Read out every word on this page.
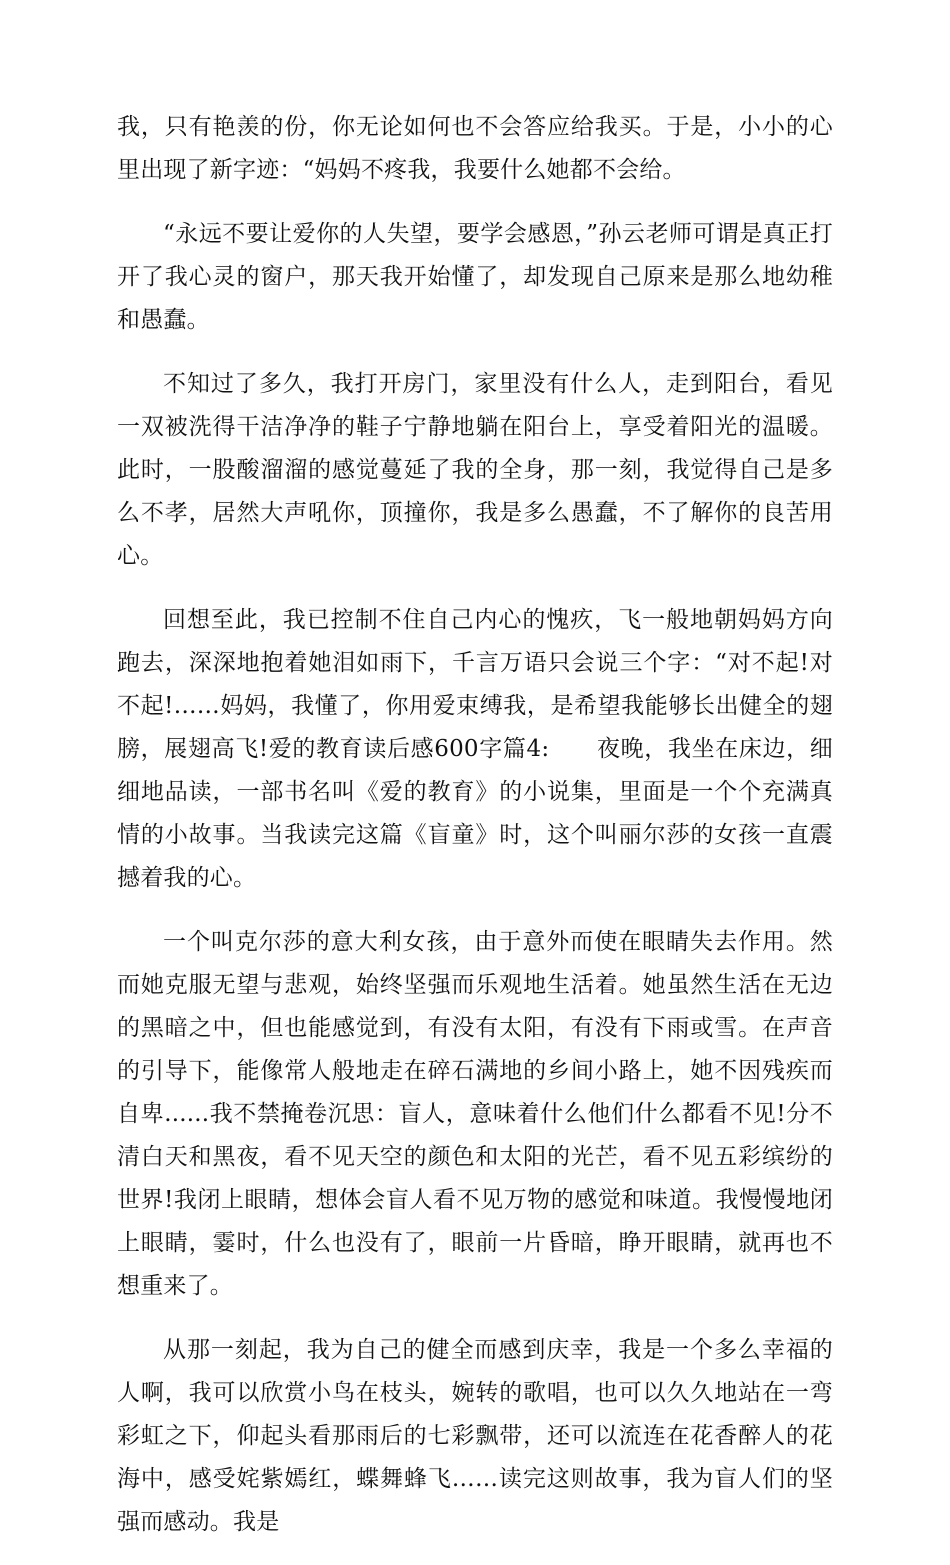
我，只有艳羡的份，你无论如何也不会答应给我买。于是，小小的心里出现了新字迹：“妈妈不疼我，我要什么她都不会给。

“永远不要让爱你的人失望，要学会感恩，”孙云老师可谓是真正打开了我心灵的窗户，那天我开始懂了，却发现自己原来是那么地幼稚和愚蠢。

不知过了多久，我打开房门，家里没有什么人，走到阳台，看见一双被洗得干洁净净的鞋子宁静地躺在阳台上，享受着阳光的温暖。此时，一股酸溜溜的感觉蔓延了我的全身，那一刻，我觉得自己是多么不孝，居然大声吼你，顶撞你，我是多么愚蠢，不了解你的良苦用心。

回想至此，我已控制不住自己内心的愧疚，飞一般地朝妈妈方向跑去，深深地抱着她泪如雨下，千言万语只会说三个字：“对不起!对不起!……妈妈，我懂了，你用爱束缚我，是希望我能够长出健全的翅膀，展翅高飞!爱的教育读后感600字篇4:　　夜晚，我坐在床边，细细地品读，一部书名叫《爱的教育》的小说集，里面是一个个充满真情的小故事。当我读完这篇《盲童》时，这个叫丽尔莎的女孩一直震撼着我的心。

一个叫克尔莎的意大利女孩，由于意外而使在眼睛失去作用。然而她克服无望与悲观，始终坚强而乐观地生活着。她虽然生活在无边的黑暗之中，但也能感觉到，有没有太阳，有没有下雨或雪。在声音的引导下，能像常人般地走在碎石满地的乡间小路上，她不因残疾而自卑......我不禁掩卷沉思：盲人，意味着什么他们什么都看不见!分不清白天和黑夜，看不见天空的颜色和太阳的光芒，看不见五彩缤纷的世界!我闭上眼睛，想体会盲人看不见万物的感觉和味道。我慢慢地闭上眼睛，霎时，什么也没有了，眼前一片昏暗，睁开眼睛，就再也不想重来了。

从那一刻起，我为自己的健全而感到庆幸，我是一个多么幸福的人啊，我可以欣赏小鸟在枝头，婉转的歌唱，也可以久久地站在一弯彩虹之下，仰起头看那雨后的七彩飘带，还可以流连在花香醉人的花海中，感受姹紫嫣红，蝶舞蜂飞……读完这则故事，我为盲人们的坚强而感动。我是
